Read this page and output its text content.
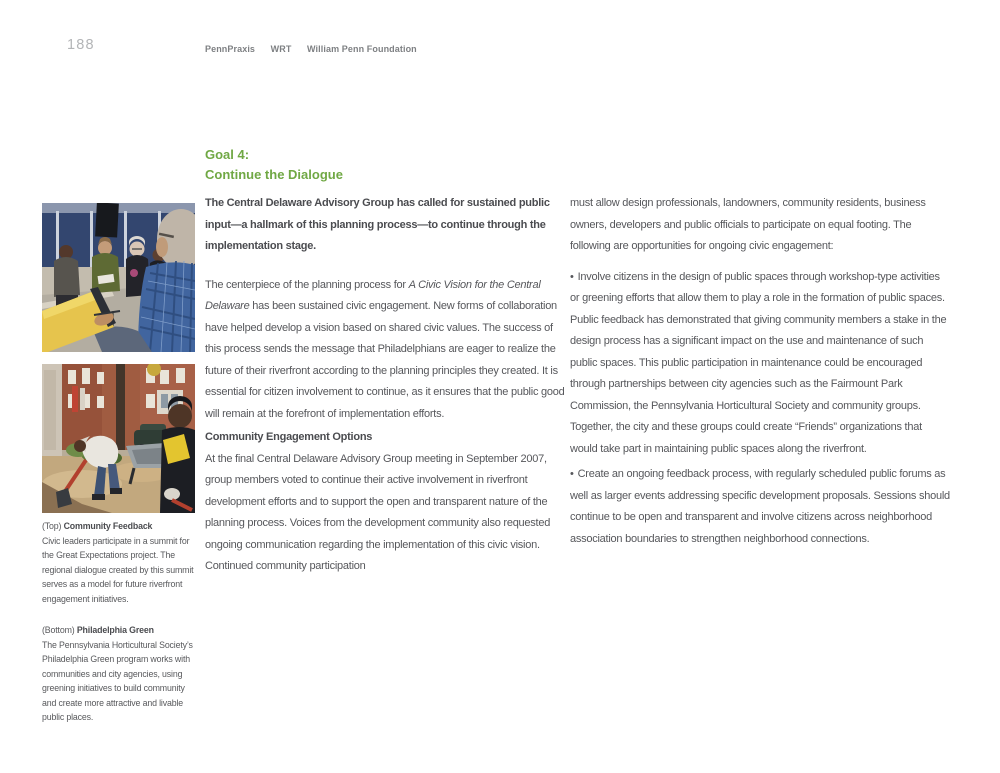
188	PennPraxis WRT William Penn Foundation
Goal 4:
Continue the Dialogue
(Top) Community Feedback
Civic leaders participate in a summit for the Great Expectations project. The regional dialogue created by this summit serves as a model for future riverfront engagement initiatives.
(Bottom) Philadelphia Green
The Pennsylvania Horticultural Society’s Philadelphia Green program works with communities and city agencies, using greening initiatives to build community and create more attractive and livable public places.

The Central Delaware Advisory Group has called for sustained public input—a hallmark of this planning process—to continue through the implementation stage.

The centerpiece of the planning process for A Civic Vision for the Central Delaware has been sustained civic engagement. New forms of collaboration have helped develop a vision based on shared civic values. The success of this process sends the message that Philadelphians are eager to realize the future of their riverfront according to the planning principles they created. It is essential for citizen involvement to continue, as it ensures that the public good will remain at the forefront of implementation efforts.

Community Engagement Options

At the final Central Delaware Advisory Group meeting in September 2007, group members voted to continue their active involvement in riverfront development efforts and to support the open and transparent nature of the planning process. Voices from the development community also requested ongoing communication regarding the implementation of this civic vision. Continued community participation

must allow design professionals, landowners, community residents, business owners, developers and public officials to participate on equal footing. The following are opportunities for ongoing civic engagement:

• Involve citizens in the design of public spaces through workshop-type activities or greening efforts that allow them to play a role in the formation of public spaces. Public feedback has demonstrated that giving community members a stake in the design process has a significant impact on the use and maintenance of such public spaces. This public participation in maintenance could be encouraged through partnerships between city agencies such as the Fairmount Park Commission, the Pennsylvania Horticultural Society and community groups. Together, the city and these groups could create “Friends” organizations that would take part in maintaining public spaces along the riverfront.

• Create an ongoing feedback process, with regularly scheduled public forums as well as larger events addressing specific development proposals. Sessions should continue to be open and transparent and involve citizens across neighborhood association boundaries to strengthen neighborhood connections.
